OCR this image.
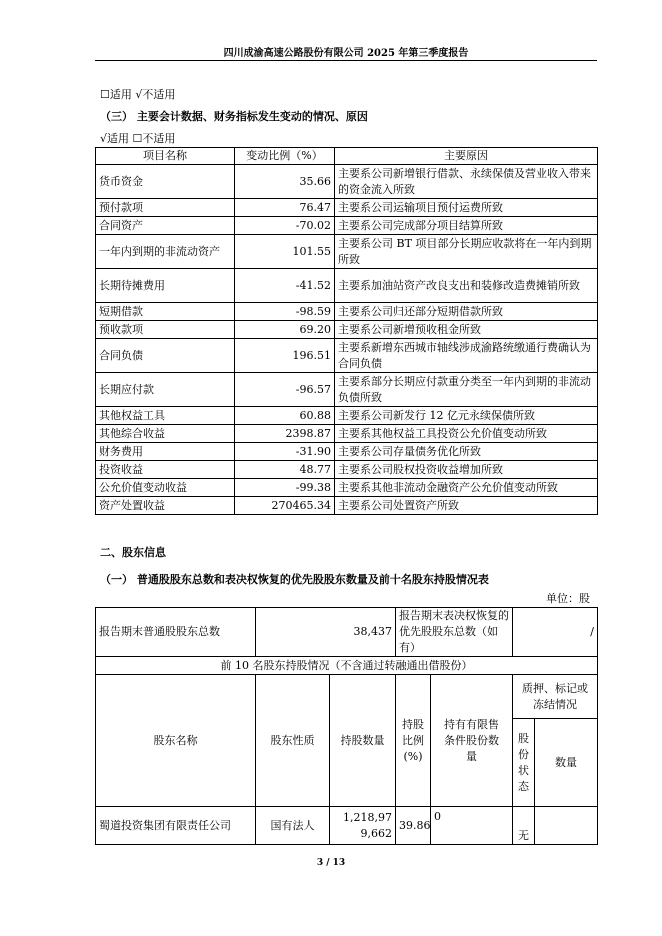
四川成渝高速公路股份有限公司 2025 年第三季度报告
☐适用 √不适用
（三） 主要会计数据、财务指标发生变动的情况、原因
√适用 ☐不适用
项目名称	变动比例（%）	主要原因
货币资金	35.66	主要系公司新增银行借款、永续保债及营业收入带来的资金流入所致
预付款项	76.47	主要系公司运输项目预付运费所致
合同资产	-70.02	主要系公司完成部分项目结算所致
一年内到期的非流动资产	101.55	主要系公司 BT 项目部分长期应收款将在一年内到期所致
长期待摊费用	-41.52	主要系加油站资产改良支出和装修改造费摊销所致
短期借款	-98.59	主要系公司归还部分短期借款所致
预收款项	69.20	主要系公司新增预收租金所致
合同负债	196.51	主要系新增东西城市轴线涉成渝路统缴通行费确认为合同负债
长期应付款	-96.57	主要系部分长期应付款重分类至一年内到期的非流动负债所致
其他权益工具	60.88	主要系公司新发行 12 亿元永续保债所致
其他综合收益	2398.87	主要系其他权益工具投资公允价值变动所致
财务费用	-31.90	主要系公司存量债务优化所致
投资收益	48.77	主要系公司股权投资收益增加所致
公允价值变动收益	-99.38	主要系其他非流动金融资产公允价值变动所致
资产处置收益	270465.34	主要系公司处置资产所致
二、股东信息
（一） 普通股股东总数和表决权恢复的优先股股东数量及前十名股东持股情况表
单位：股
报告期末普通股股东总数	38,437		报告期末表决权恢复的优先股股东总数（如有）		/	
前 10 名股东持股情况（不含通过转融通出借股份）						
股东名称	股东性质	持股数量	持股比例(%)	持有有限售条件股份数量	质押、标记或冻结情况	
					股份状态	数量
蜀道投资集团有限责任公司	国有法人	1,218,979,662	39.86	0	无	
3 / 13
